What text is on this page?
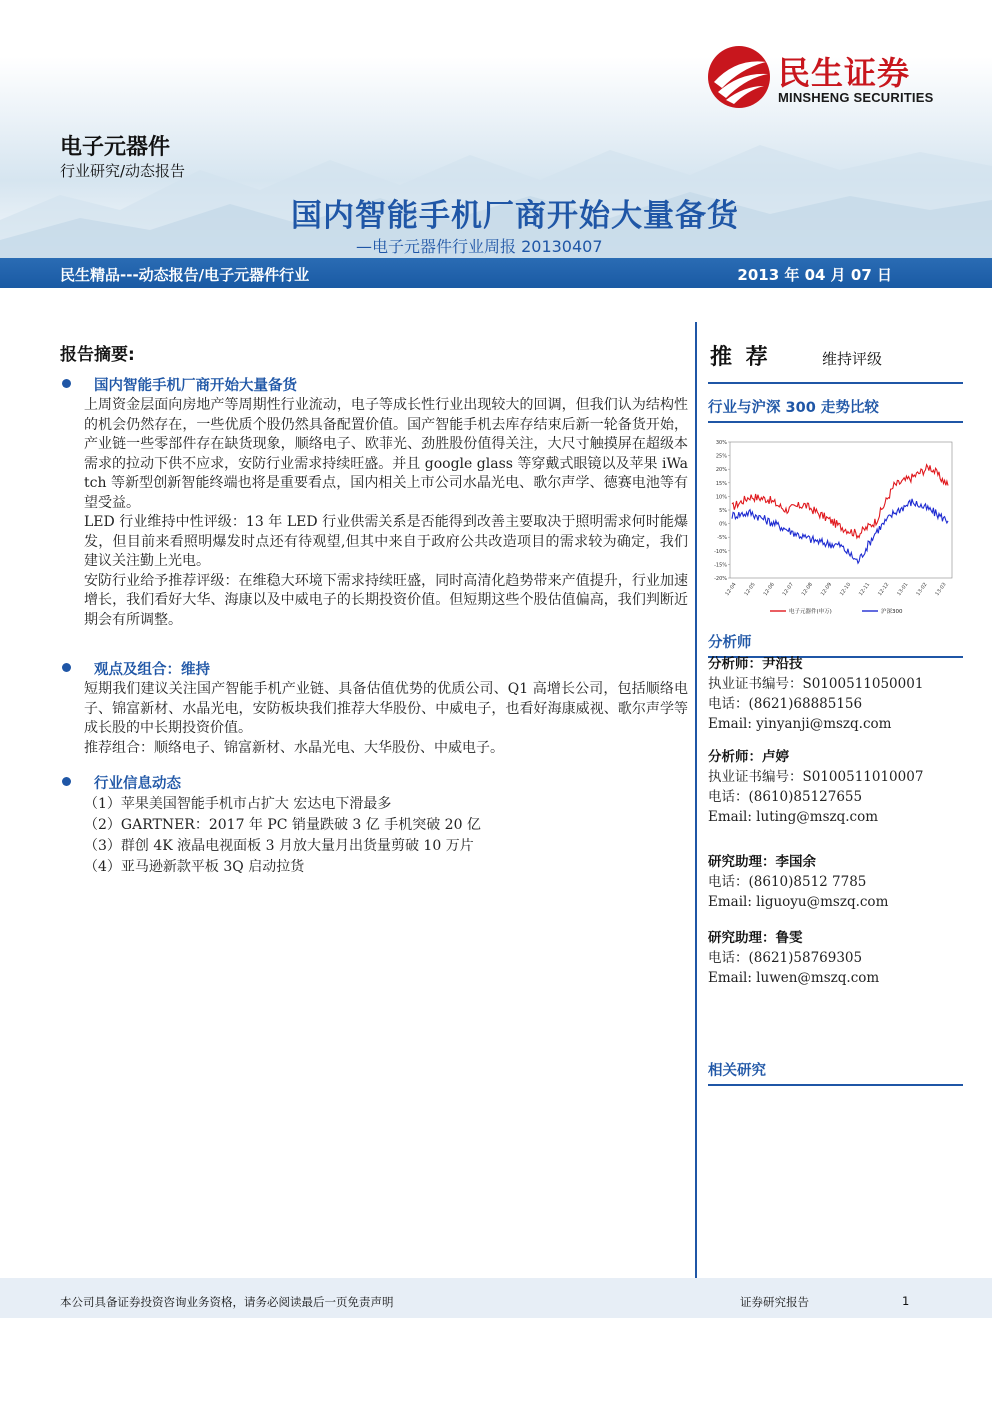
民生证券
MINSHENG SECURITIES
电子元器件
行业研究/动态报告
国内智能手机厂商开始大量备货
—电子元器件行业周报 20130407
民生精品---动态报告/电子元器件行业	2013 年 04 月 07 日
报告摘要:
国内智能手机厂商开始大量备货

上周资金层面向房地产等周期性行业流动，电子等成长性行业出现较大的回调，但我们认为结构性的机会仍然存在，一些优质个股仍然具备配置价值。国产智能手机去库存结束后新一轮备货开始，产业链一些零部件存在缺货现象，顺络电子、欧菲光、劲胜股份值得关注，大尺寸触摸屏在超级本需求的拉动下供不应求，安防行业需求持续旺盛。并且 google glass 等穿戴式眼镜以及苹果 iWatch 等新型创新智能终端也将是重要看点，国内相关上市公司水晶光电、歌尔声学、德赛电池等有望受益。

LED 行业维持中性评级：13 年 LED 行业供需关系是否能得到改善主要取决于照明需求何时能爆发，但目前来看照明爆发时点还有待观望,但其中来自于政府公共改造项目的需求较为确定，我们建议关注勤上光电。

安防行业给予推荐评级：在维稳大环境下需求持续旺盛，同时高清化趋势带来产值提升，行业加速增长，我们看好大华、海康以及中威电子的长期投资价值。但短期这些个股估值偏高，我们判断近期会有所调整。

观点及组合：维持

短期我们建议关注国产智能手机产业链、具备估值优势的优质公司、Q1 高增长公司，包括顺络电子、锦富新材、水晶光电，安防板块我们推荐大华股份、中威电子，也看好海康威视、歌尔声学等成长股的中长期投资价值。

推荐组合：顺络电子、锦富新材、水晶光电、大华股份、中威电子。

行业信息动态
（1）苹果美国智能手机市占扩大 宏达电下滑最多
（2）GARTNER：2017 年 PC 销量跌破 3 亿 手机突破 20 亿
（3）群创 4K 液晶电视面板 3 月放大量月出货量剪破 10 万片
（4）亚马逊新款平板 3Q 启动拉货
推 荐	维持评级
行业与沪深 300 走势比较
30%
25%
20%
15%
10%
5%
0%
-5%
-10%
-15%
-20%
12-04 12-05 12-06 12-07 12-08 12-09 12-10 12-11 12-12 13-01 13-02 13-03
电子元器件(申万)	沪深300
分析师
分析师：尹沿技
执业证书编号：S0100511050001
电话：(8621)68885156
Email: yinyanji@mszq.com
分析师：卢婷
执业证书编号：S0100511010007
电话：(8610)85127655
Email: luting@mszq.com
研究助理：李国余
电话：(8610)8512 7785
Email: liguoyu@mszq.com
研究助理：鲁雯
电话：(8621)58769305
Email: luwen@mszq.com
相关研究
本公司具备证券投资咨询业务资格，请务必阅读最后一页免责声明	证券研究报告	1
